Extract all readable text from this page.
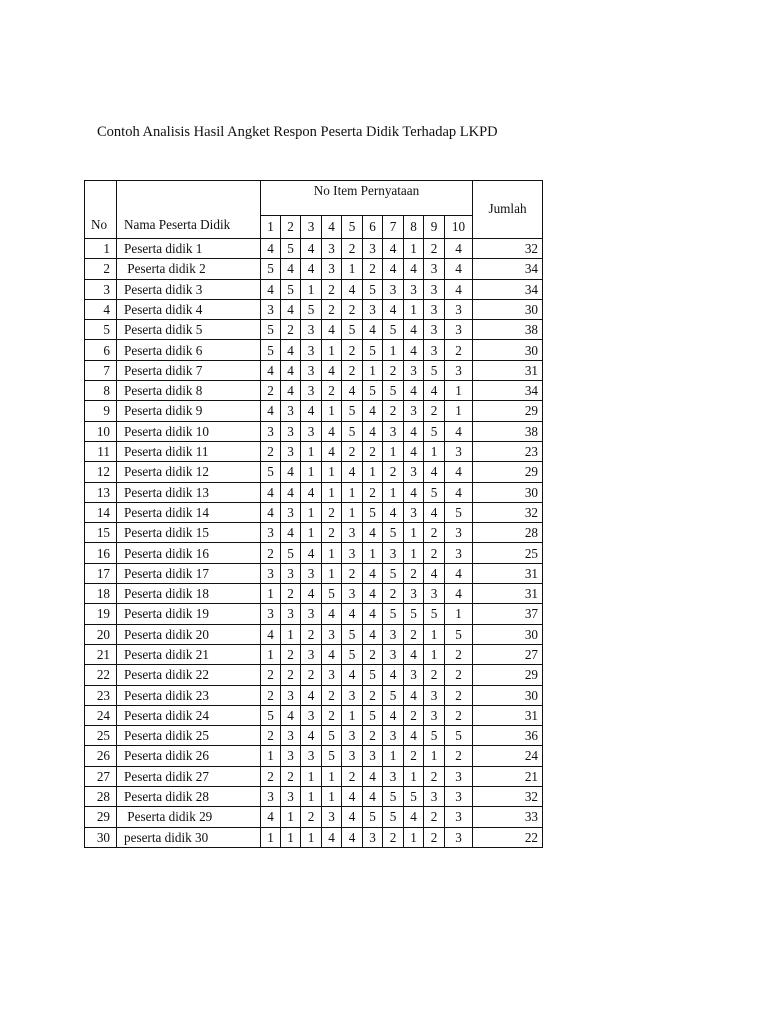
Contoh Analisis Hasil Angket Respon Peserta Didik Terhadap LKPD
No	Nama Peserta Didik	No Item Pernyataan										Jumlah
		1	2	3	4	5	6	7	8	9	10	
1	Peserta didik 1	4	5	4	3	2	3	4	1	2	4	32
2	Peserta didik 2	5	4	4	3	1	2	4	4	3	4	34
3	Peserta didik 3	4	5	1	2	4	5	3	3	3	4	34
4	Peserta didik 4	3	4	5	2	2	3	4	1	3	3	30
5	Peserta didik 5	5	2	3	4	5	4	5	4	3	3	38
6	Peserta didik 6	5	4	3	1	2	5	1	4	3	2	30
7	Peserta didik 7	4	4	3	4	2	1	2	3	5	3	31
8	Peserta didik 8	2	4	3	2	4	5	5	4	4	1	34
9	Peserta didik 9	4	3	4	1	5	4	2	3	2	1	29
10	Peserta didik 10	3	3	3	4	5	4	3	4	5	4	38
11	Peserta didik 11	2	3	1	4	2	2	1	4	1	3	23
12	Peserta didik 12	5	4	1	1	4	1	2	3	4	4	29
13	Peserta didik 13	4	4	4	1	1	2	1	4	5	4	30
14	Peserta didik 14	4	3	1	2	1	5	4	3	4	5	32
15	Peserta didik 15	3	4	1	2	3	4	5	1	2	3	28
16	Peserta didik 16	2	5	4	1	3	1	3	1	2	3	25
17	Peserta didik 17	3	3	3	1	2	4	5	2	4	4	31
18	Peserta didik 18	1	2	4	5	3	4	2	3	3	4	31
19	Peserta didik 19	3	3	3	4	4	4	5	5	5	1	37
20	Peserta didik 20	4	1	2	3	5	4	3	2	1	5	30
21	Peserta didik 21	1	2	3	4	5	2	3	4	1	2	27
22	Peserta didik 22	2	2	2	3	4	5	4	3	2	2	29
23	Peserta didik 23	2	3	4	2	3	2	5	4	3	2	30
24	Peserta didik 24	5	4	3	2	1	5	4	2	3	2	31
25	Peserta didik 25	2	3	4	5	3	2	3	4	5	5	36
26	Peserta didik 26	1	3	3	5	3	3	1	2	1	2	24
27	Peserta didik 27	2	2	1	1	2	4	3	1	2	3	21
28	Peserta didik 28	3	3	1	1	4	4	5	5	3	3	32
29	Peserta didik 29	4	1	2	3	4	5	5	4	2	3	33
30	peserta didik 30	1	1	1	4	4	3	2	1	2	3	22
